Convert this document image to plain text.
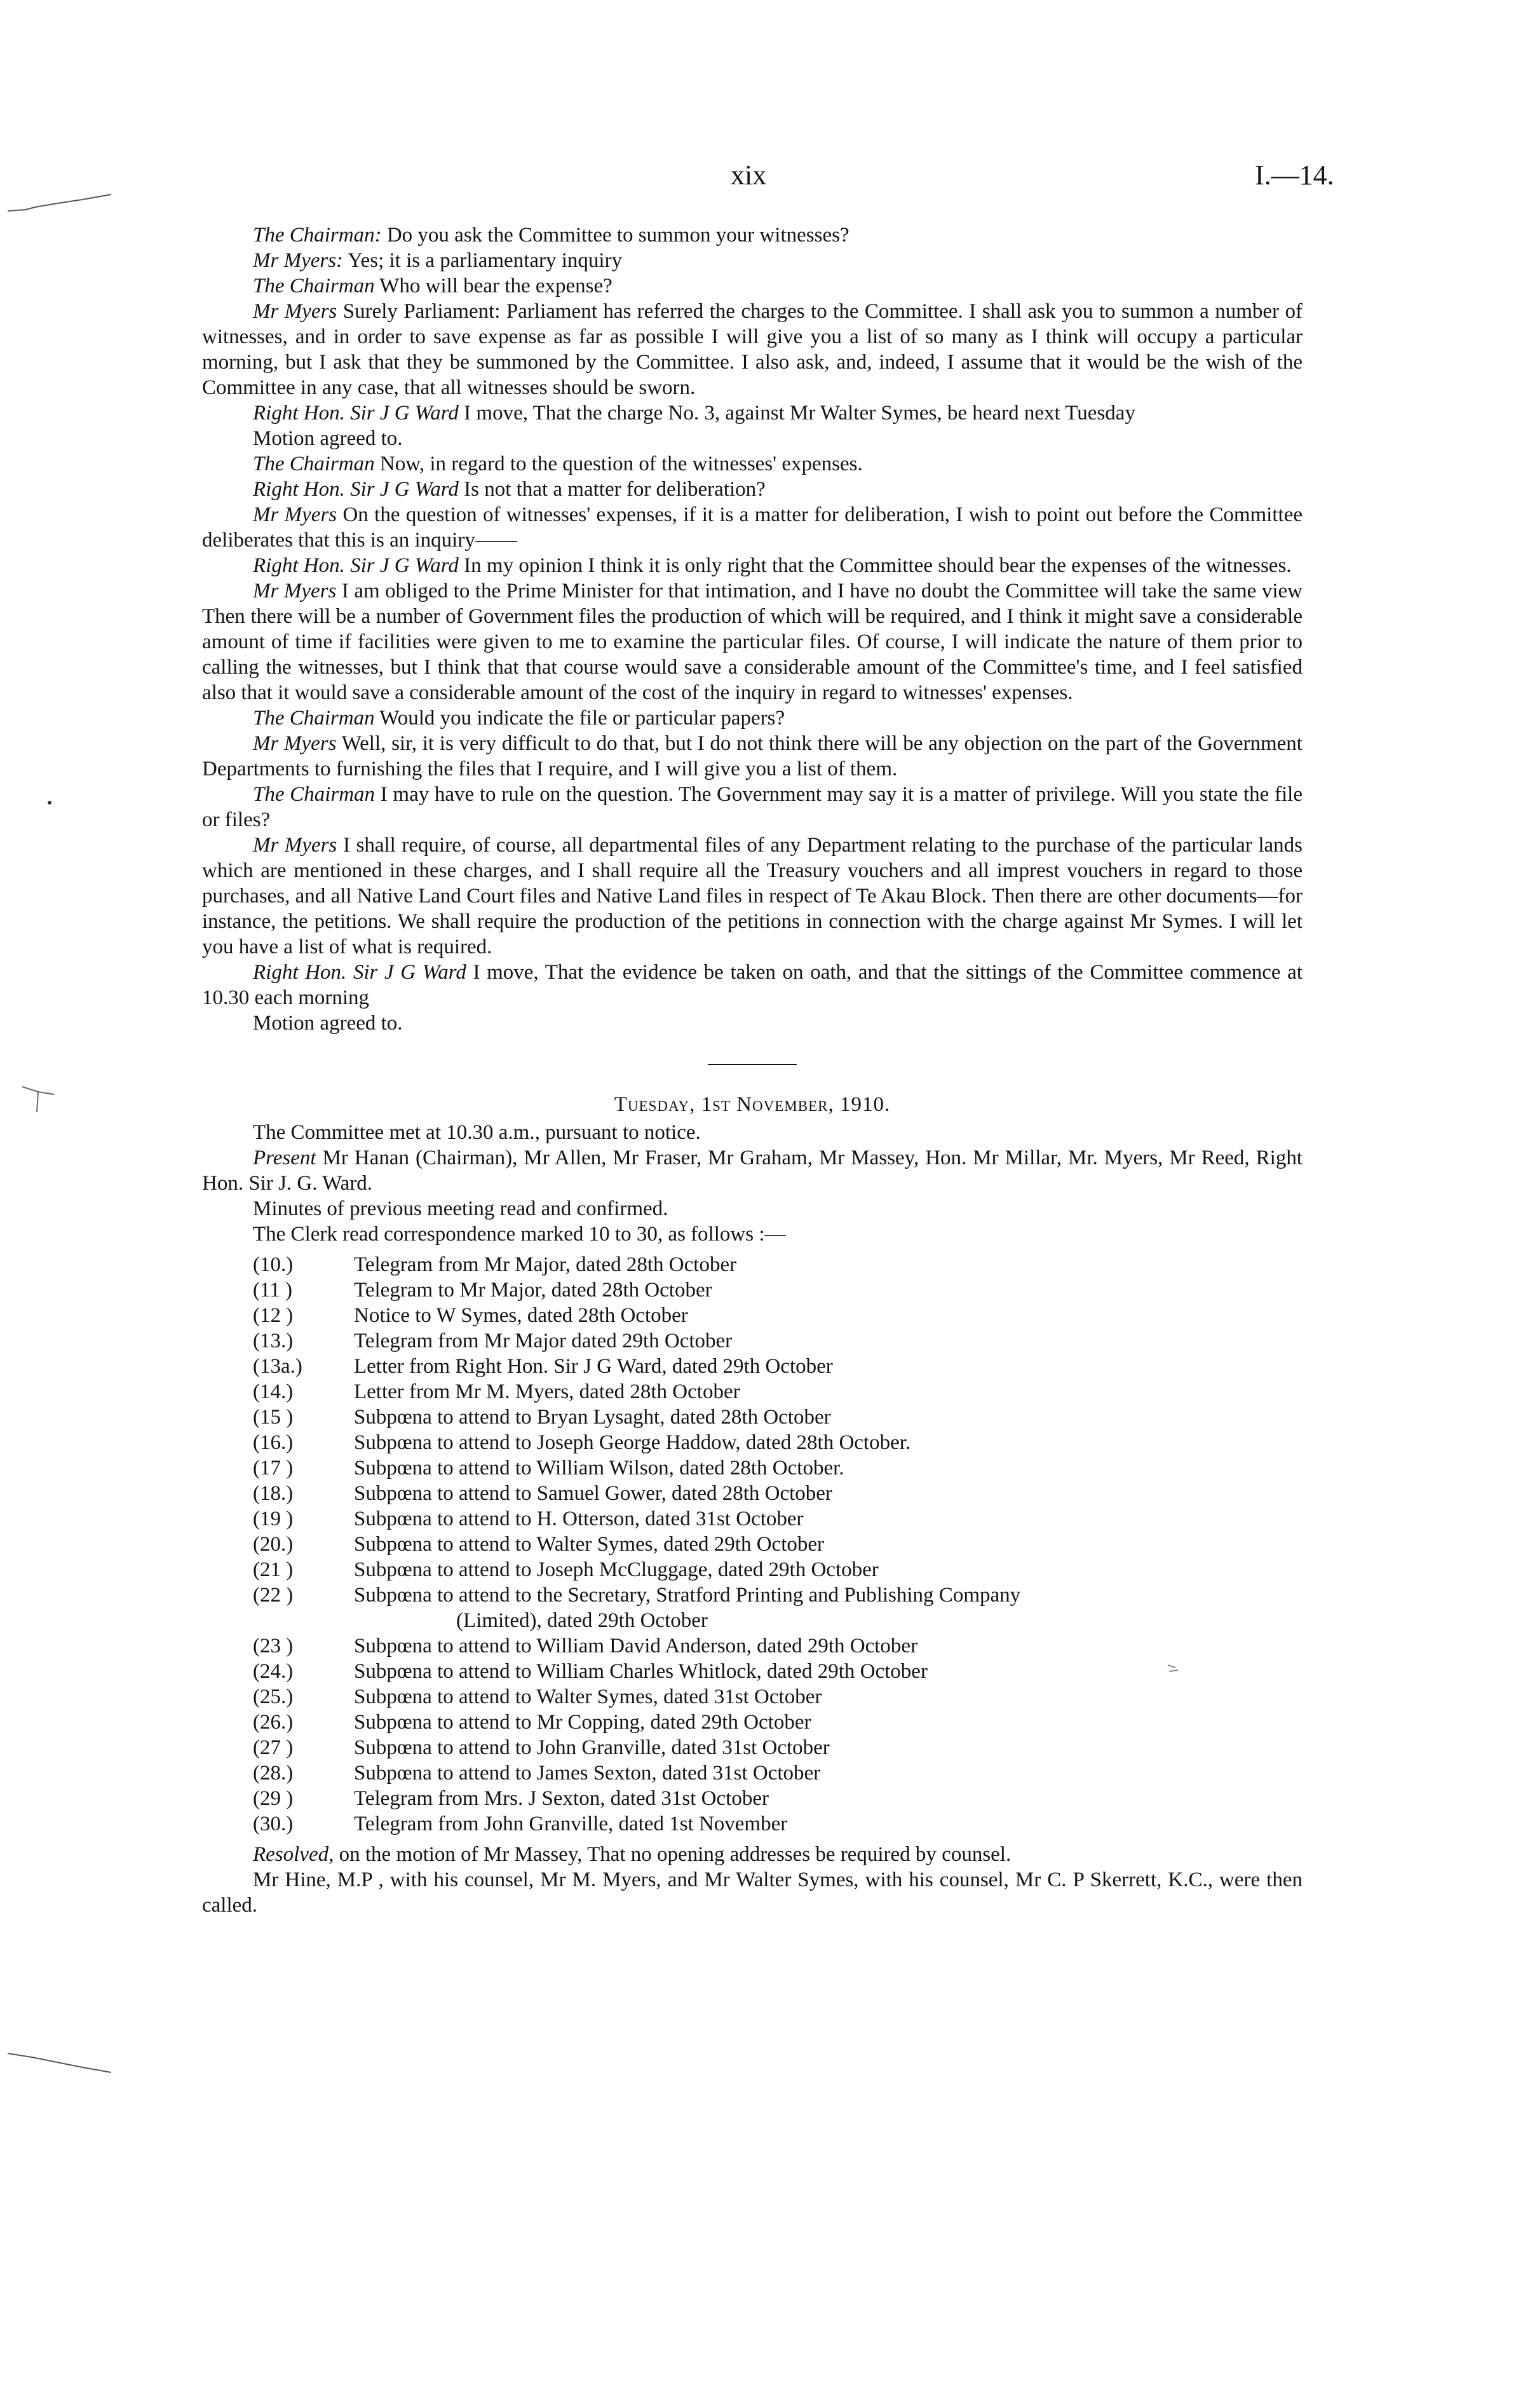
xix	I.—14.

The Chairman: Do you ask the Committee to summon your witnesses?

Mr Myers: Yes; it is a parliamentary inquiry

The Chairman Who will bear the expense?

Mr Myers Surely Parliament: Parliament has referred the charges to the Committee. I shall ask you to summon a number of witnesses, and in order to save expense as far as possible I will give you a list of so many as I think will occupy a particular morning, but I ask that they be summoned by the Committee. I also ask, and, indeed, I assume that it would be the wish of the Committee in any case, that all witnesses should be sworn.

Right Hon. Sir J G Ward I move, That the charge No. 3, against Mr Walter Symes, be heard next Tuesday

Motion agreed to.

The Chairman Now, in regard to the question of the witnesses' expenses.

Right Hon. Sir J G Ward Is not that a matter for deliberation?

Mr Myers On the question of witnesses' expenses, if it is a matter for deliberation, I wish to point out before the Committee deliberates that this is an inquiry——

Right Hon. Sir J G Ward In my opinion I think it is only right that the Committee should bear the expenses of the witnesses.

Mr Myers I am obliged to the Prime Minister for that intimation, and I have no doubt the Committee will take the same view Then there will be a number of Government files the production of which will be required, and I think it might save a considerable amount of time if facilities were given to me to examine the particular files. Of course, I will indicate the nature of them prior to calling the witnesses, but I think that that course would save a considerable amount of the Committee's time, and I feel satisfied also that it would save a considerable amount of the cost of the inquiry in regard to witnesses' expenses.

The Chairman Would you indicate the file or particular papers?

Mr Myers Well, sir, it is very difficult to do that, but I do not think there will be any objection on the part of the Government Departments to furnishing the files that I require, and I will give you a list of them.

The Chairman I may have to rule on the question. The Government may say it is a matter of privilege. Will you state the file or files?

Mr Myers I shall require, of course, all departmental files of any Department relating to the purchase of the particular lands which are mentioned in these charges, and I shall require all the Treasury vouchers and all imprest vouchers in regard to those purchases, and all Native Land Court files and Native Land files in respect of Te Akau Block. Then there are other documents—for instance, the petitions. We shall require the production of the petitions in connection with the charge against Mr Symes. I will let you have a list of what is required.

Right Hon. Sir J G Ward I move, That the evidence be taken on oath, and that the sittings of the Committee commence at 10.30 each morning

Motion agreed to.

Tuesday, 1st November, 1910.

The Committee met at 10.30 a.m., pursuant to notice.

Present Mr Hanan (Chairman), Mr Allen, Mr Fraser, Mr Graham, Mr Massey, Hon. Mr Millar, Mr. Myers, Mr Reed, Right Hon. Sir J. G. Ward.

Minutes of previous meeting read and confirmed.

The Clerk read correspondence marked 10 to 30, as follows :—

(10.)	Telegram from Mr Major, dated 28th October

(11 )	Telegram to Mr Major, dated 28th October

(12 )	Notice to W Symes, dated 28th October

(13.)	Telegram from Mr Major dated 29th October

(13a.)	Letter from Right Hon. Sir J G Ward, dated 29th October

(14.)	Letter from Mr M. Myers, dated 28th October

(15 )	Subpœna to attend to Bryan Lysaght, dated 28th October

(16.)	Subpœna to attend to Joseph George Haddow, dated 28th October.

(17 )	Subpœna to attend to William Wilson, dated 28th October.

(18.)	Subpœna to attend to Samuel Gower, dated 28th October

(19 )	Subpœna to attend to H. Otterson, dated 31st October

(20.)	Subpœna to attend to Walter Symes, dated 29th October

(21 )	Subpœna to attend to Joseph McCluggage, dated 29th October

(22 )	Subpœna to attend to the Secretary, Stratford Printing and Publishing Company
(Limited), dated 29th October

(23 )	Subpœna to attend to William David Anderson, dated 29th October

(24.)	Subpœna to attend to William Charles Whitlock, dated 29th October

(25.)	Subpœna to attend to Walter Symes, dated 31st October

(26.)	Subpœna to attend to Mr Copping, dated 29th October

(27 )	Subpœna to attend to John Granville, dated 31st October

(28.)	Subpœna to attend to James Sexton, dated 31st October

(29 )	Telegram from Mrs. J Sexton, dated 31st October

(30.)	Telegram from John Granville, dated 1st November

Resolved, on the motion of Mr Massey, That no opening addresses be required by counsel.

Mr Hine, M.P , with his counsel, Mr M. Myers, and Mr Walter Symes, with his counsel, Mr C. P Skerrett, K.C., were then called.
